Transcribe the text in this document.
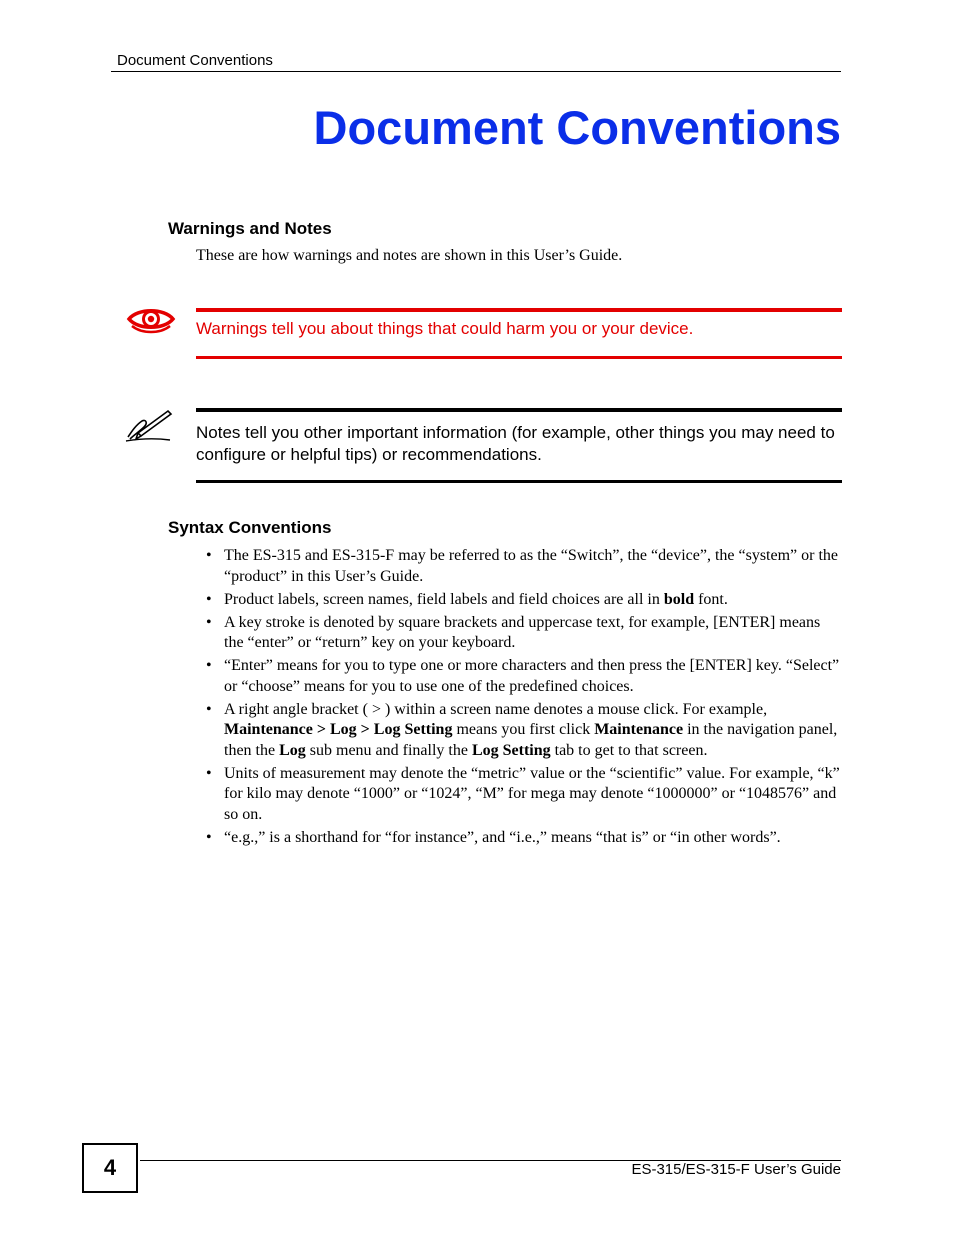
Document Conventions
Document Conventions
Warnings and Notes
These are how warnings and notes are shown in this User’s Guide.
Warnings tell you about things that could harm you or your device.
Notes tell you other important information (for example, other things you may need to configure or helpful tips) or recommendations.
Syntax Conventions
• The ES-315 and ES-315-F may be referred to as the “Switch”, the “device”, the “system” or the “product” in this User’s Guide.
• Product labels, screen names, field labels and field choices are all in bold font.
• A key stroke is denoted by square brackets and uppercase text, for example, [ENTER] means the “enter” or “return” key on your keyboard.
• “Enter” means for you to type one or more characters and then press the [ENTER] key. “Select” or “choose” means for you to use one of the predefined choices.
• A right angle bracket ( > ) within a screen name denotes a mouse click. For example, Maintenance > Log > Log Setting means you first click Maintenance in the navigation panel, then the Log sub menu and finally the Log Setting tab to get to that screen.
• Units of measurement may denote the “metric” value or the “scientific” value. For example, “k” for kilo may denote “1000” or “1024”, “M” for mega may denote “1000000” or “1048576” and so on.
• “e.g.,” is a shorthand for “for instance”, and “i.e.,” means “that is” or “in other words”.
4	ES-315/ES-315-F User’s Guide
